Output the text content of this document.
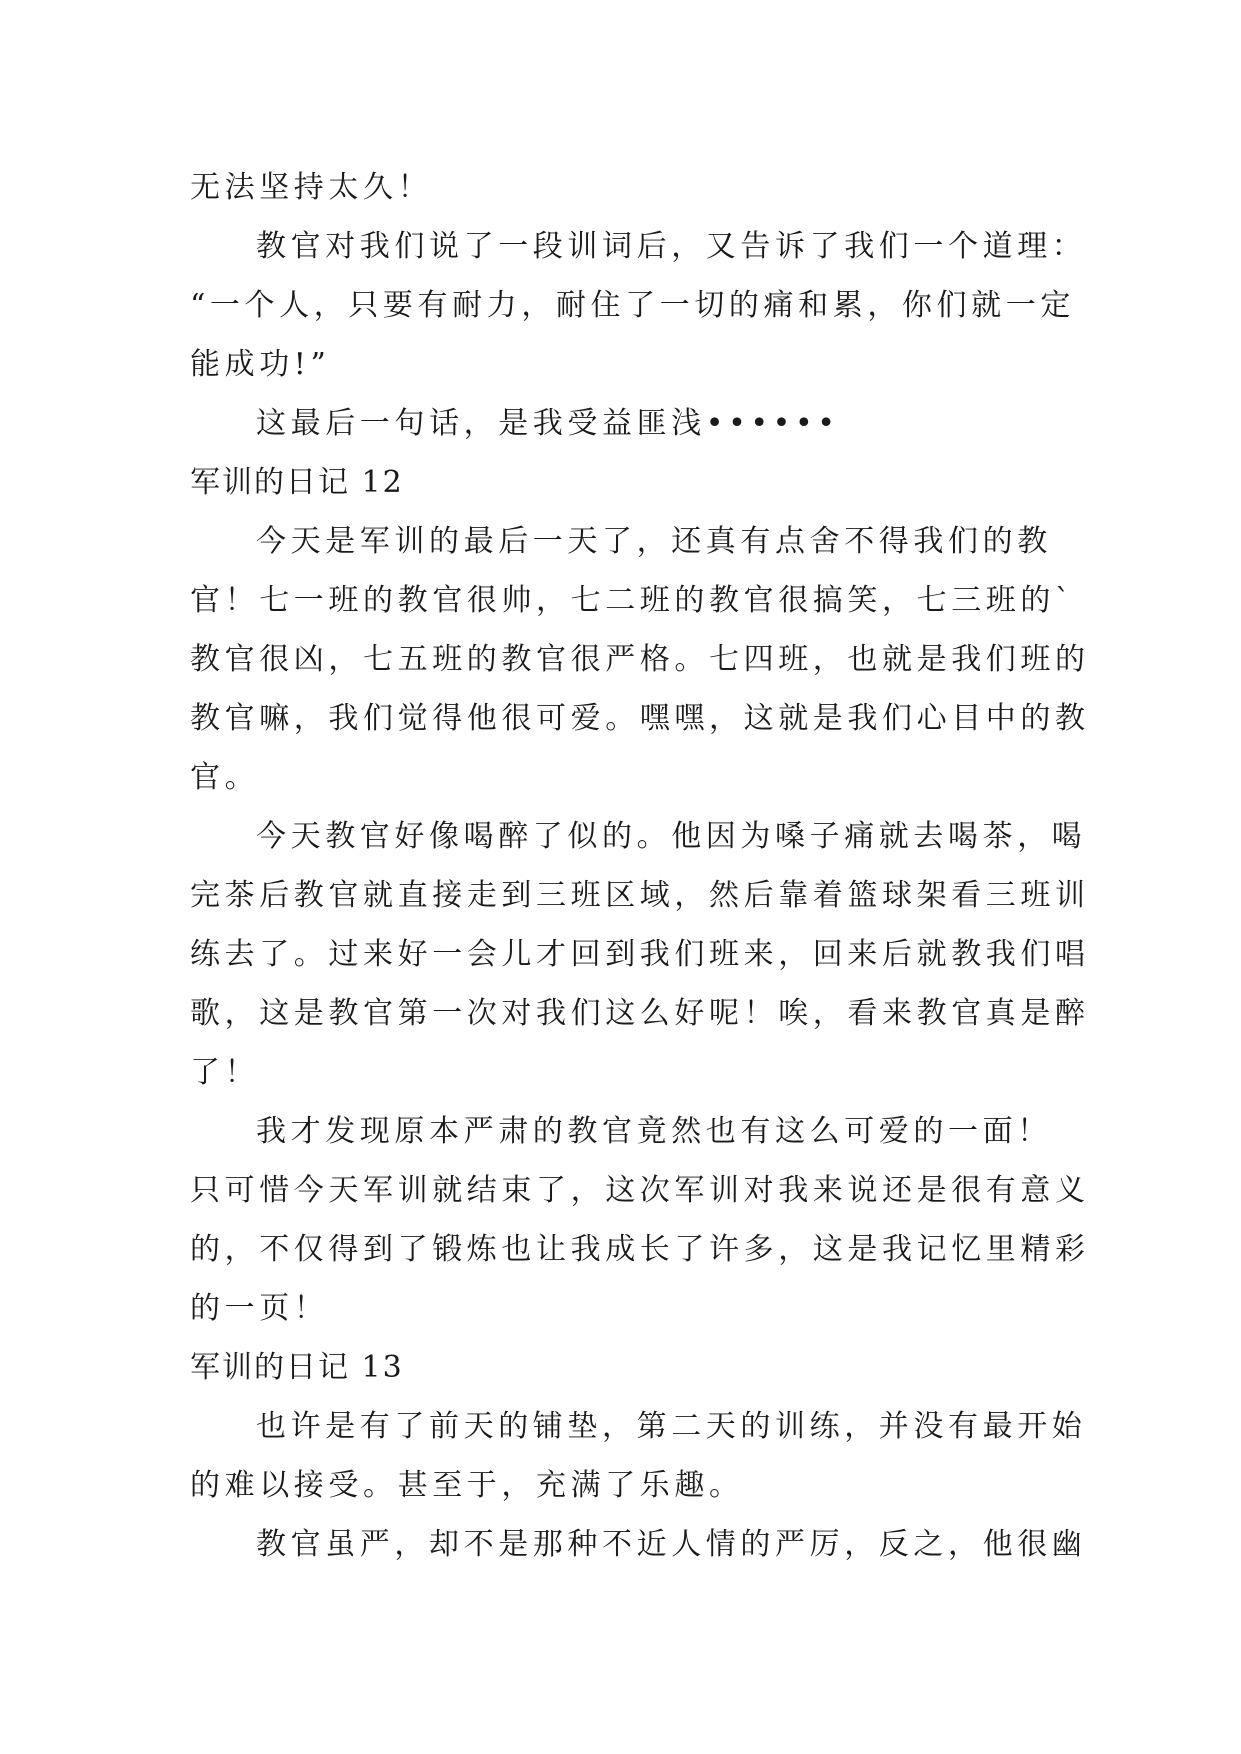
无法坚持太久！
教官对我们说了一段训词后，又告诉了我们一个道理：
“一个人，只要有耐力，耐住了一切的痛和累，你们就一定
能成功!”
这最后一句话，是我受益匪浅••••••
军训的日记 12
今天是军训的最后一天了，还真有点舍不得我们的教
官！七一班的教官很帅，七二班的教官很搞笑，七三班的`
教官很凶，七五班的教官很严格。七四班，也就是我们班的
教官嘛，我们觉得他很可爱。嘿嘿，这就是我们心目中的教
官。
今天教官好像喝醉了似的。他因为嗓子痛就去喝茶，喝
完茶后教官就直接走到三班区域，然后靠着篮球架看三班训
练去了。过来好一会儿才回到我们班来，回来后就教我们唱
歌，这是教官第一次对我们这么好呢！唉，看来教官真是醉
了！
我才发现原本严肃的教官竟然也有这么可爱的一面！
只可惜今天军训就结束了，这次军训对我来说还是很有意义
的，不仅得到了锻炼也让我成长了许多，这是我记忆里精彩
的一页！
军训的日记 13
也许是有了前天的铺垫，第二天的训练，并没有最开始
的难以接受。甚至于，充满了乐趣。
教官虽严，却不是那种不近人情的严厉，反之，他很幽
